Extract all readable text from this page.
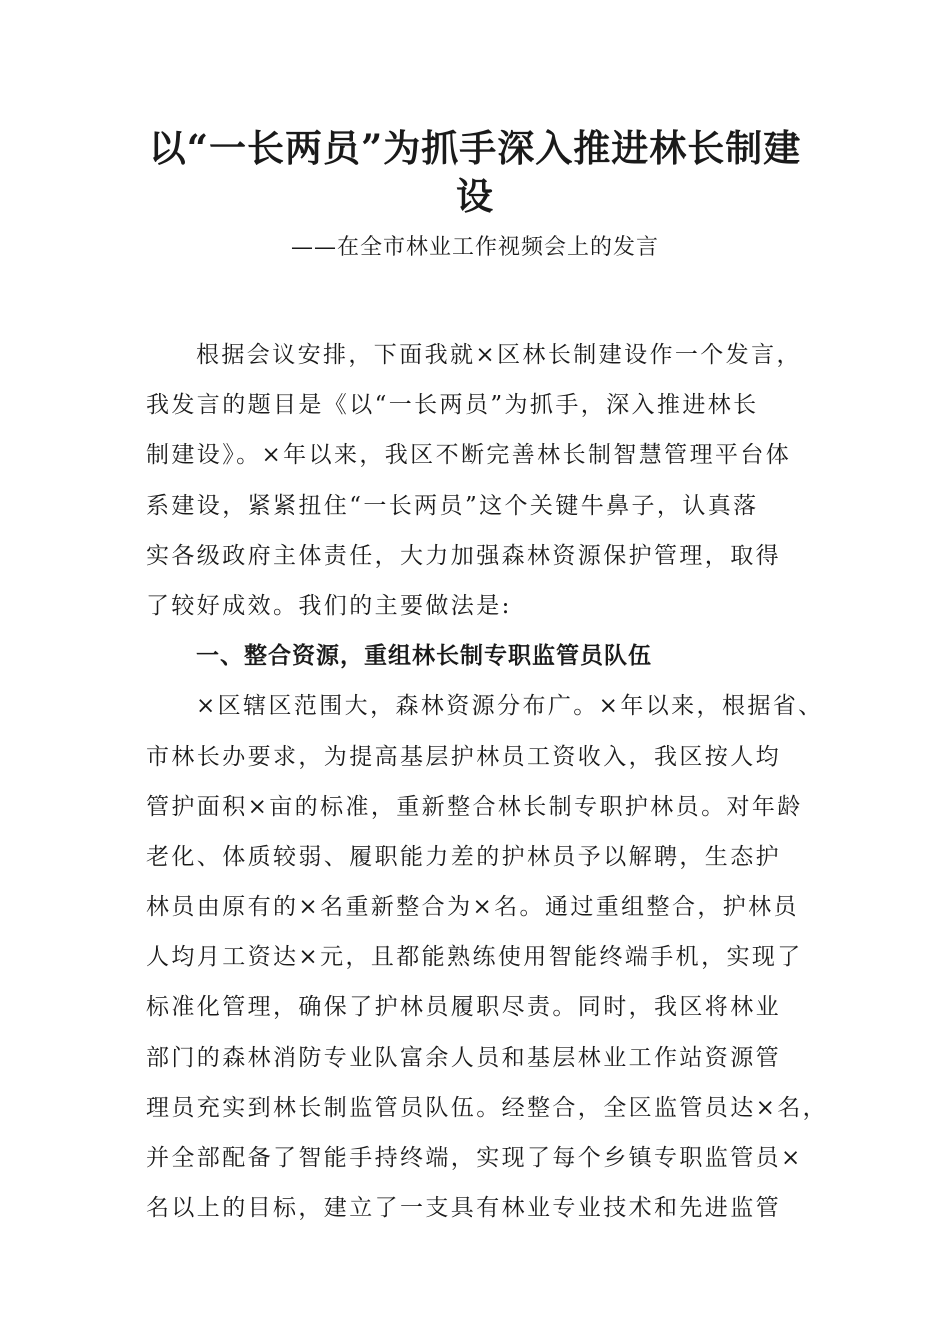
以“一长两员”为抓手深入推进林长制建
设
——在全市林业工作视频会上的发言

根据会议安排，下面我就×区林长制建设作一个发言，

我发言的题目是《以“一长两员”为抓手，深入推进林长

制建设》。×年以来，我区不断完善林长制智慧管理平台体

系建设，紧紧扭住“一长两员”这个关键牛鼻子，认真落

实各级政府主体责任，大力加强森林资源保护管理，取得

了较好成效。我们的主要做法是:

一、整合资源，重组林长制专职监管员队伍

×区辖区范围大，森林资源分布广。×年以来，根据省、

市林长办要求，为提高基层护林员工资收入，我区按人均

管护面积×亩的标准，重新整合林长制专职护林员。对年龄

老化、体质较弱、履职能力差的护林员予以解聘，生态护

林员由原有的×名重新整合为×名。通过重组整合，护林员

人均月工资达×元，且都能熟练使用智能终端手机，实现了

标准化管理，确保了护林员履职尽责。同时，我区将林业

部门的森林消防专业队富余人员和基层林业工作站资源管

理员充实到林长制监管员队伍。经整合，全区监管员达×名，

并全部配备了智能手持终端，实现了每个乡镇专职监管员×

名以上的目标，建立了一支具有林业专业技术和先进监管
